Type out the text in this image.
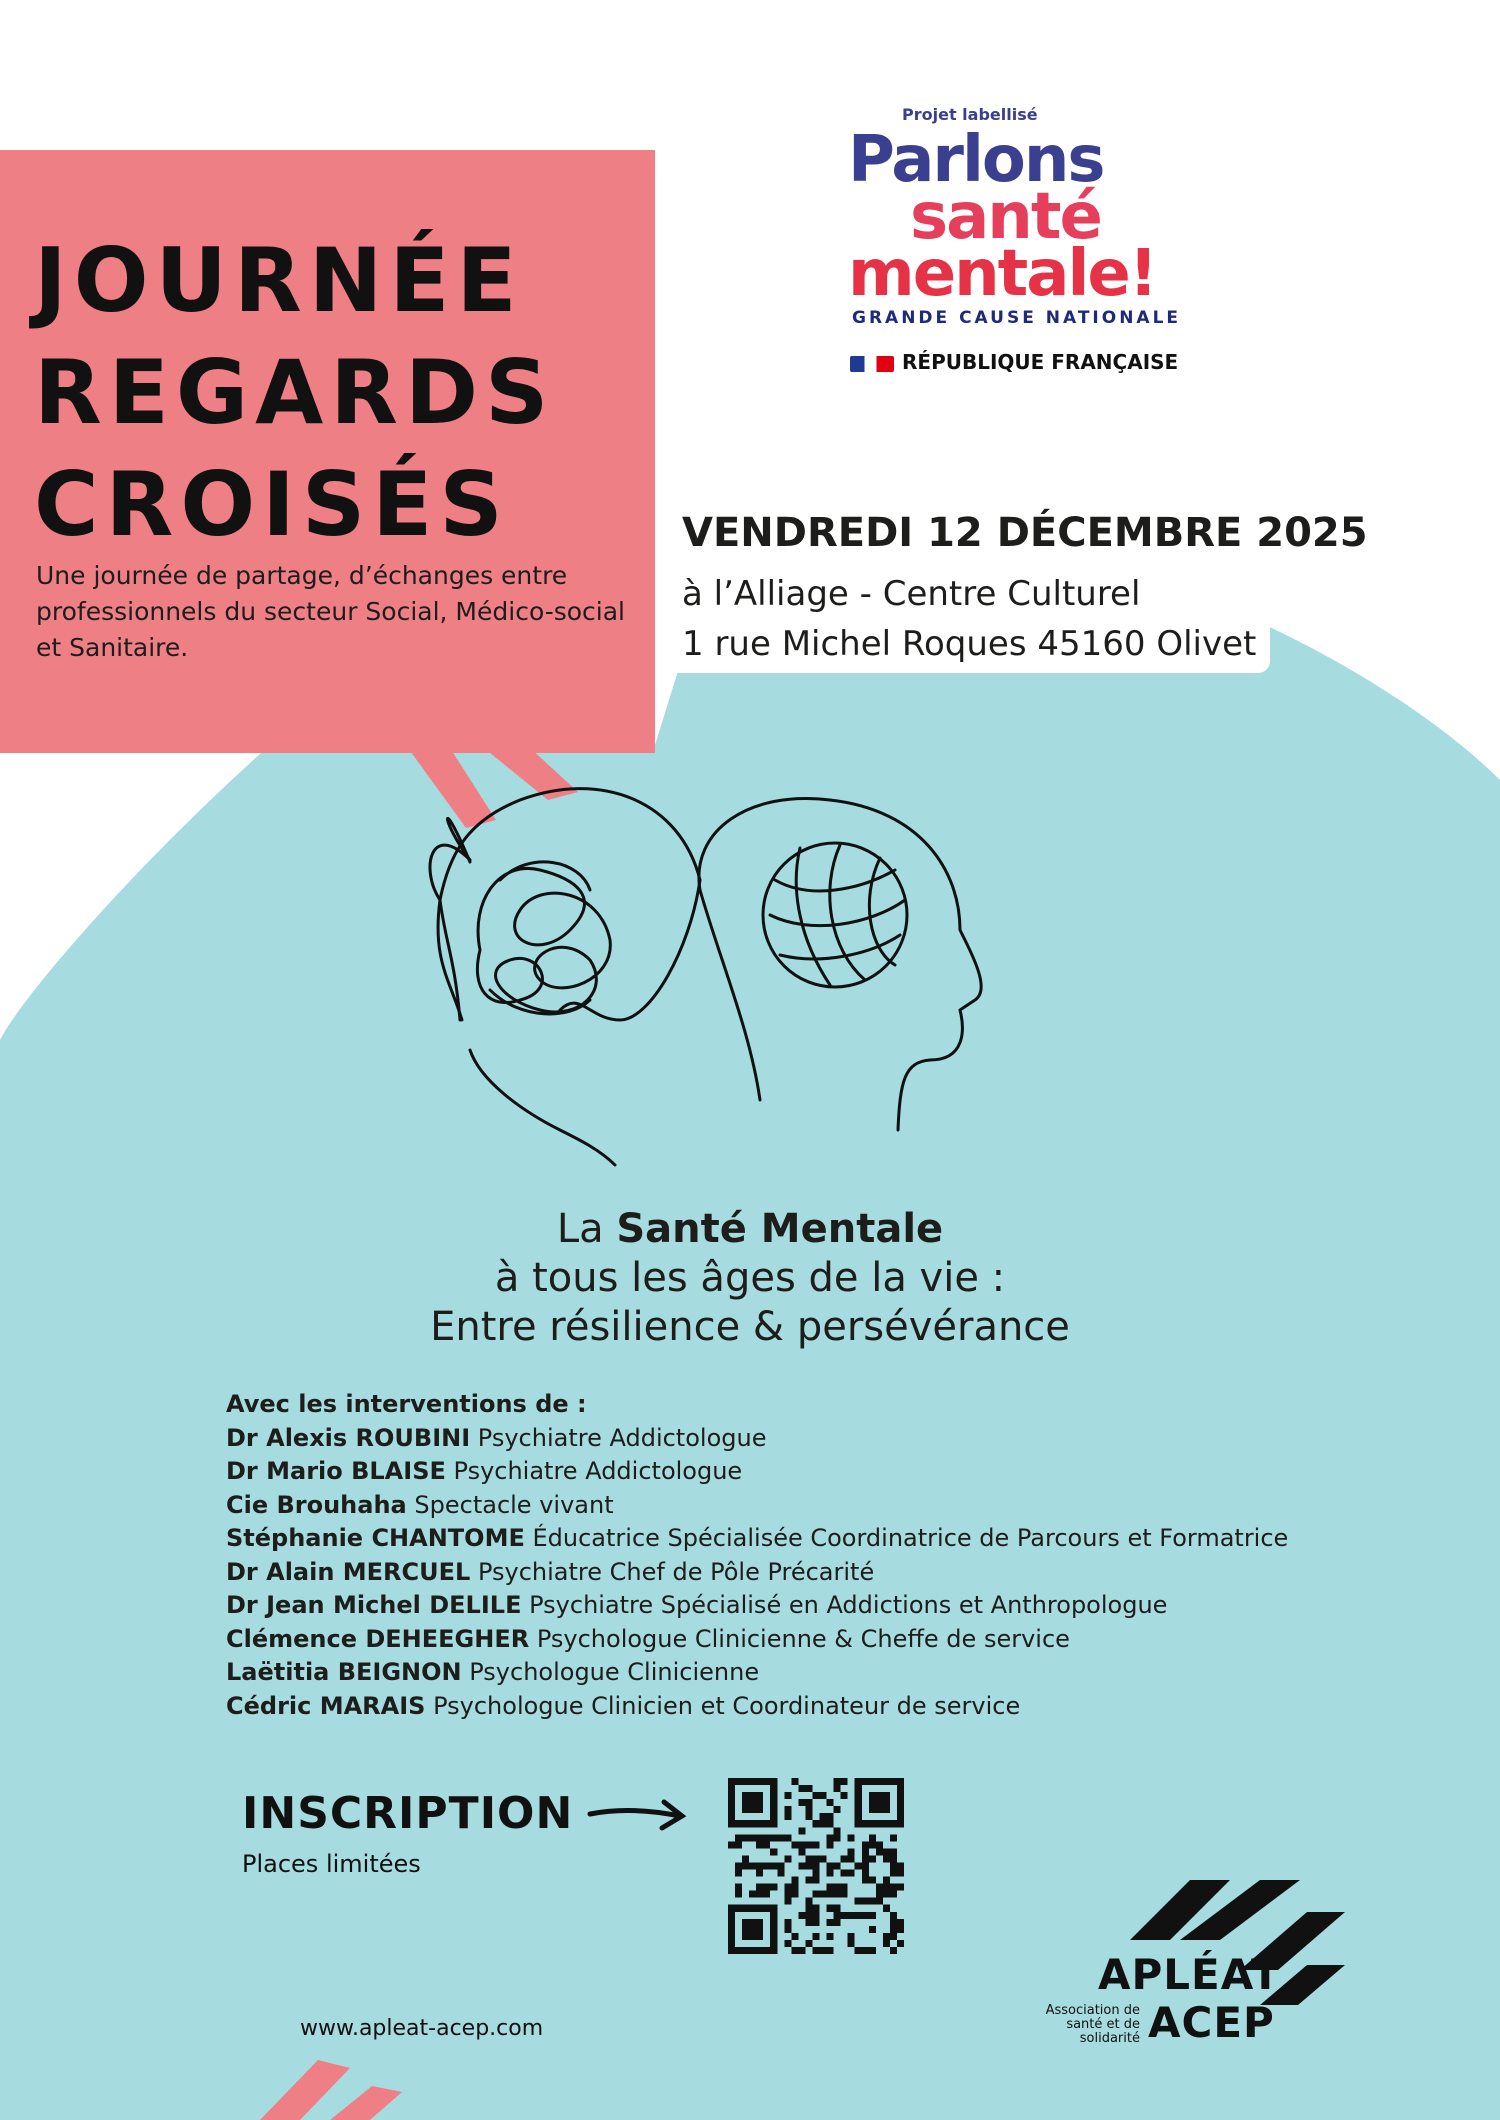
JOURNÉE
REGARDS
CROISÉS
Une journée de partage, d’échanges entre professionnels du secteur Social, Médico-social et Sanitaire.
Projet labellisé
Parlons
santé
mentale!
GRANDE CAUSE NATIONALE
RÉPUBLIQUE FRANÇAISE
VENDREDI 12 DÉCEMBRE 2025
à l’Alliage - Centre Culturel
1 rue Michel Roques 45160 Olivet
La Santé Mentale
à tous les âges de la vie :
Entre résilience & persévérance
Avec les interventions de :
Dr Alexis ROUBINI Psychiatre Addictologue
Dr Mario BLAISE Psychiatre Addictologue
Cie Brouhaha Spectacle vivant
Stéphanie CHANTOME Éducatrice Spécialisée Coordinatrice de Parcours et Formatrice
Dr Alain MERCUEL Psychiatre Chef de Pôle Précarité
Dr Jean Michel DELILE Psychiatre Spécialisé en Addictions et Anthropologue
Clémence DEHEEGHER Psychologue Clinicienne & Cheffe de service
Laëtitia BEIGNON Psychologue Clinicienne
Cédric MARAIS Psychologue Clinicien et Coordinateur de service
INSCRIPTION
Places limitées
www.apleat-acep.com
APLÉAT
ACEP
Association de santé et de solidarité
